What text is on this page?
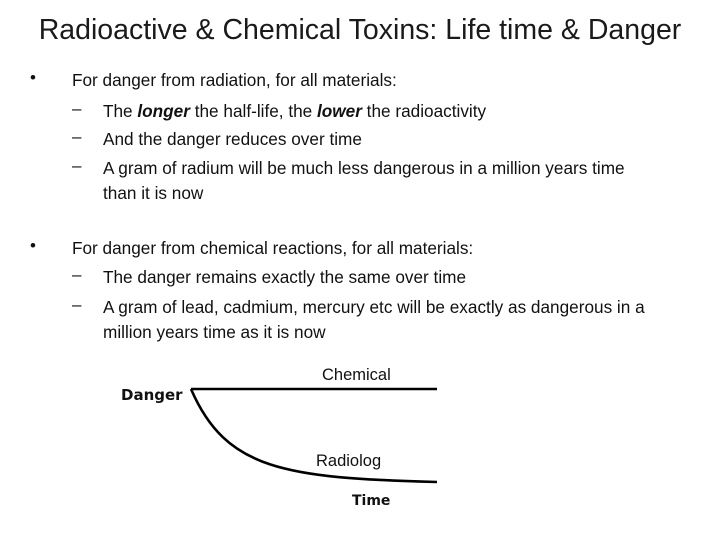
Radioactive & Chemical Toxins: Life time & Danger
• For danger from radiation, for all materials:
– The longer the half-life, the lower the radioactivity
– And the danger reduces over time
– A gram of radium will be much less dangerous in a million years time
than it is now
• For danger from chemical reactions, for all materials:
– The danger remains exactly the same over time
– A gram of lead, cadmium, mercury etc will be exactly as dangerous in a
million years time as it is now
Danger
Time
Chemical
Radiolog
